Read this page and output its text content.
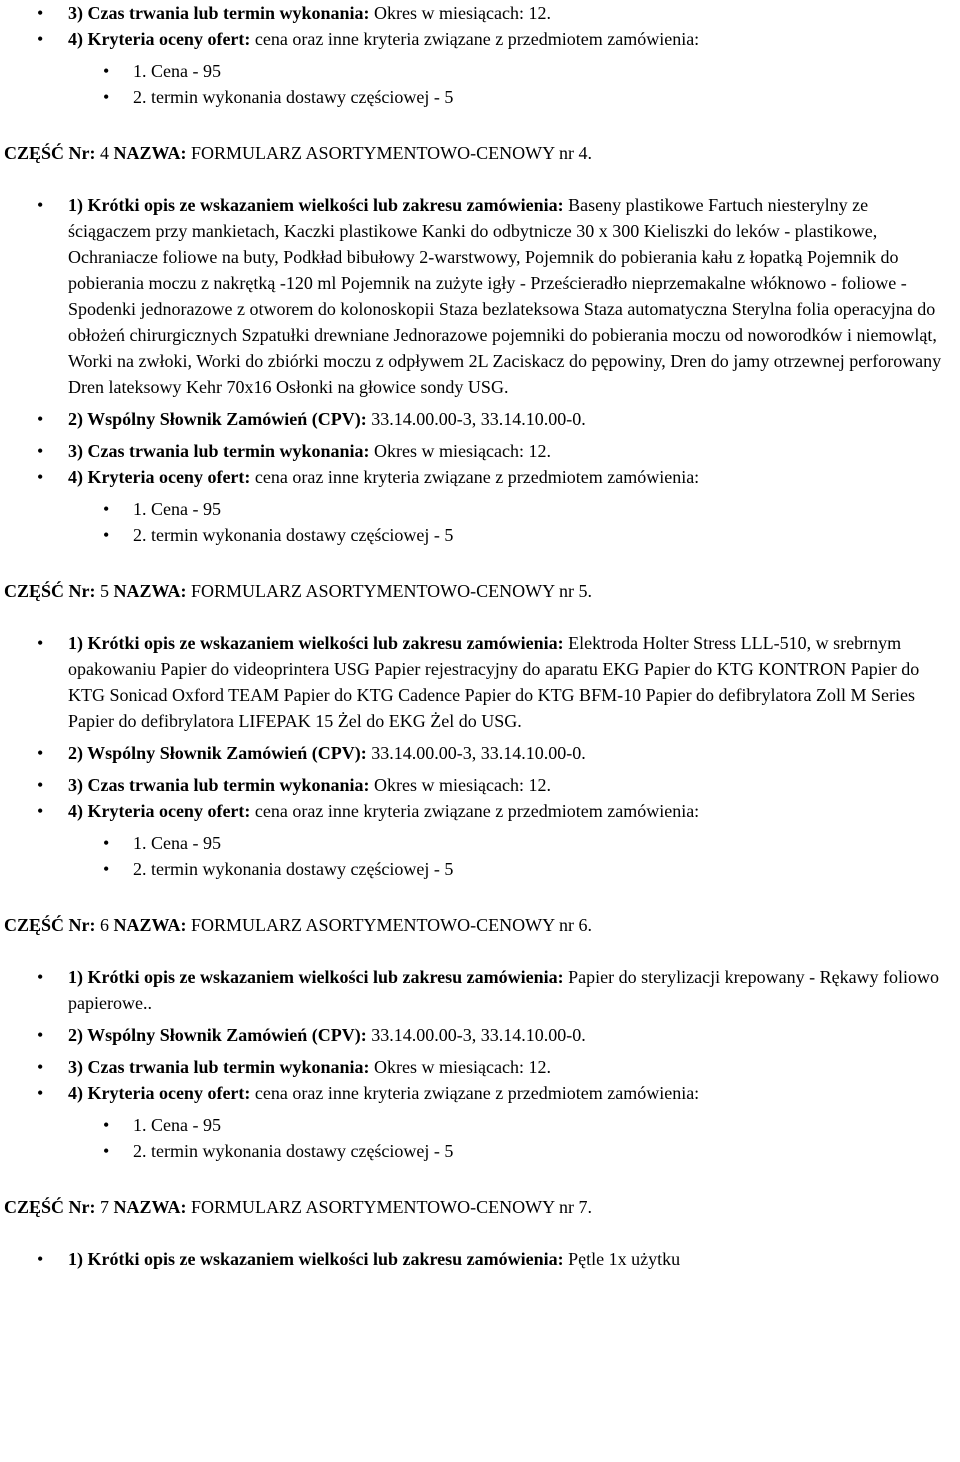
• 3) Czas trwania lub termin wykonania: Okres w miesiącach: 12.
• 4) Kryteria oceny ofert: cena oraz inne kryteria związane z przedmiotem zamówienia:
• 1. Cena - 95
• 2. termin wykonania dostawy częściowej - 5
CZĘŚĆ Nr: 4 NAZWA: FORMULARZ ASORTYMENTOWO-CENOWY nr 4.
• 1) Krótki opis ze wskazaniem wielkości lub zakresu zamówienia: Baseny plastikowe Fartuch niesterylny ze ściągaczem przy mankietach, Kaczki plastikowe Kanki do odbytnicze 30 x 300 Kieliszki do leków - plastikowe, Ochraniacze foliowe na buty, Podkład bibułowy 2-warstwowy, Pojemnik do pobierania kału z łopatką Pojemnik do pobierania moczu z nakrętką -120 ml Pojemnik na zużyte igły - Prześcieradło nieprzemakalne włóknowo - foliowe - Spodenki jednorazowe z otworem do kolonoskopii Staza bezlateksowa Staza automatyczna Sterylna folia operacyjna do obłożeń chirurgicznych Szpatułki drewniane Jednorazowe pojemniki do pobierania moczu od noworodków i niemowląt, Worki na zwłoki, Worki do zbiórki moczu z odpływem 2L Zaciskacz do pępowiny, Dren do jamy otrzewnej perforowany Dren lateksowy Kehr 70x16 Osłonki na głowice sondy USG.
• 2) Wspólny Słownik Zamówień (CPV): 33.14.00.00-3, 33.14.10.00-0.
• 3) Czas trwania lub termin wykonania: Okres w miesiącach: 12.
• 4) Kryteria oceny ofert: cena oraz inne kryteria związane z przedmiotem zamówienia:
• 1. Cena - 95
• 2. termin wykonania dostawy częściowej - 5
CZĘŚĆ Nr: 5 NAZWA: FORMULARZ ASORTYMENTOWO-CENOWY nr 5.
• 1) Krótki opis ze wskazaniem wielkości lub zakresu zamówienia: Elektroda Holter Stress LLL-510, w srebrnym opakowaniu Papier do videoprintera USG Papier rejestracyjny do aparatu EKG Papier do KTG KONTRON Papier do KTG Sonicad Oxford TEAM Papier do KTG Cadence Papier do KTG BFM-10 Papier do defibrylatora Zoll M Series Papier do defibrylatora LIFEPAK 15 Żel do EKG Żel do USG.
• 2) Wspólny Słownik Zamówień (CPV): 33.14.00.00-3, 33.14.10.00-0.
• 3) Czas trwania lub termin wykonania: Okres w miesiącach: 12.
• 4) Kryteria oceny ofert: cena oraz inne kryteria związane z przedmiotem zamówienia:
• 1. Cena - 95
• 2. termin wykonania dostawy częściowej - 5
CZĘŚĆ Nr: 6 NAZWA: FORMULARZ ASORTYMENTOWO-CENOWY nr 6.
• 1) Krótki opis ze wskazaniem wielkości lub zakresu zamówienia: Papier do sterylizacji krepowany - Rękawy foliowo papierowe..
• 2) Wspólny Słownik Zamówień (CPV): 33.14.00.00-3, 33.14.10.00-0.
• 3) Czas trwania lub termin wykonania: Okres w miesiącach: 12.
• 4) Kryteria oceny ofert: cena oraz inne kryteria związane z przedmiotem zamówienia:
• 1. Cena - 95
• 2. termin wykonania dostawy częściowej - 5
CZĘŚĆ Nr: 7 NAZWA: FORMULARZ ASORTYMENTOWO-CENOWY nr 7.
• 1) Krótki opis ze wskazaniem wielkości lub zakresu zamówienia: Pętle 1x użytku
